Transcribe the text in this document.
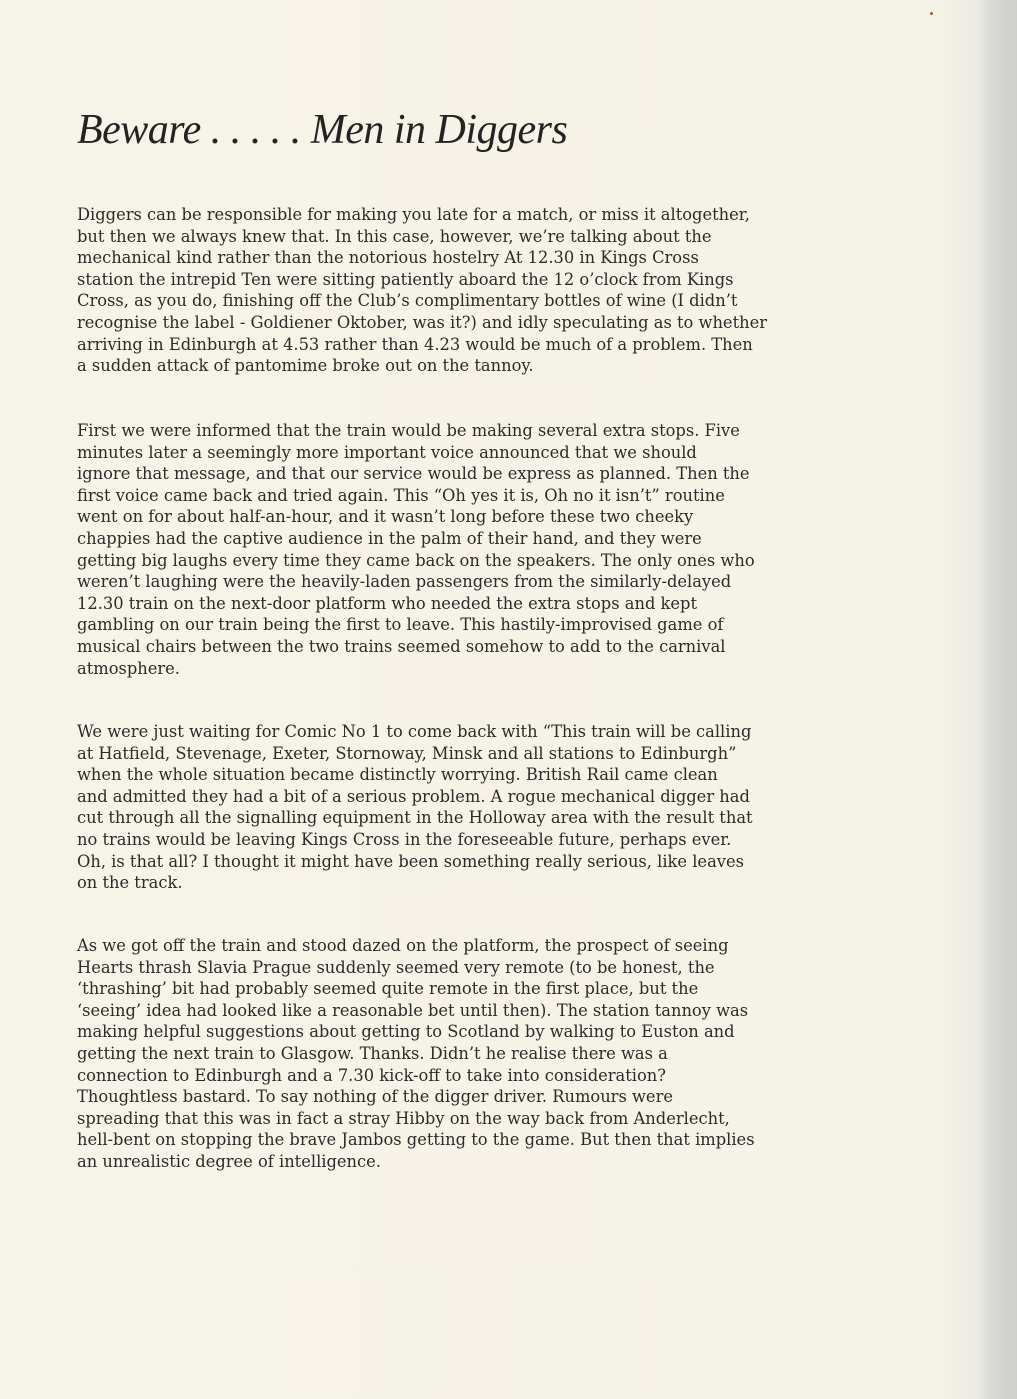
Beware . . . . . Men in Diggers

Diggers can be responsible for making you late for a match, or miss it altogether,
but then we always knew that. In this case, however, we’re talking about the
mechanical kind rather than the notorious hostelry At 12.30 in Kings Cross
station the intrepid Ten were sitting patiently aboard the 12 o’clock from Kings
Cross, as you do, finishing off the Club’s complimentary bottles of wine (I didn’t
recognise the label - Goldiener Oktober, was it?) and idly speculating as to whether
arriving in Edinburgh at 4.53 rather than 4.23 would be much of a problem. Then
a sudden attack of pantomime broke out on the tannoy.

First we were informed that the train would be making several extra stops. Five
minutes later a seemingly more important voice announced that we should
ignore that message, and that our service would be express as planned. Then the
first voice came back and tried again. This “Oh yes it is, Oh no it isn’t” routine
went on for about half-an-hour, and it wasn’t long before these two cheeky
chappies had the captive audience in the palm of their hand, and they were
getting big laughs every time they came back on the speakers. The only ones who
weren’t laughing were the heavily-laden passengers from the similarly-delayed
12.30 train on the next-door platform who needed the extra stops and kept
gambling on our train being the first to leave. This hastily-improvised game of
musical chairs between the two trains seemed somehow to add to the carnival
atmosphere.

We were just waiting for Comic No 1 to come back with “This train will be calling
at Hatfield, Stevenage, Exeter, Stornoway, Minsk and all stations to Edinburgh”
when the whole situation became distinctly worrying. British Rail came clean
and admitted they had a bit of a serious problem. A rogue mechanical digger had
cut through all the signalling equipment in the Holloway area with the result that
no trains would be leaving Kings Cross in the foreseeable future, perhaps ever.
Oh, is that all? I thought it might have been something really serious, like leaves
on the track.

As we got off the train and stood dazed on the platform, the prospect of seeing
Hearts thrash Slavia Prague suddenly seemed very remote (to be honest, the
‘thrashing’ bit had probably seemed quite remote in the first place, but the
‘seeing’ idea had looked like a reasonable bet until then). The station tannoy was
making helpful suggestions about getting to Scotland by walking to Euston and
getting the next train to Glasgow. Thanks. Didn’t he realise there was a
connection to Edinburgh and a 7.30 kick-off to take into consideration?
Thoughtless bastard. To say nothing of the digger driver. Rumours were
spreading that this was in fact a stray Hibby on the way back from Anderlecht,
hell-bent on stopping the brave Jambos getting to the game. But then that implies
an unrealistic degree of intelligence.
